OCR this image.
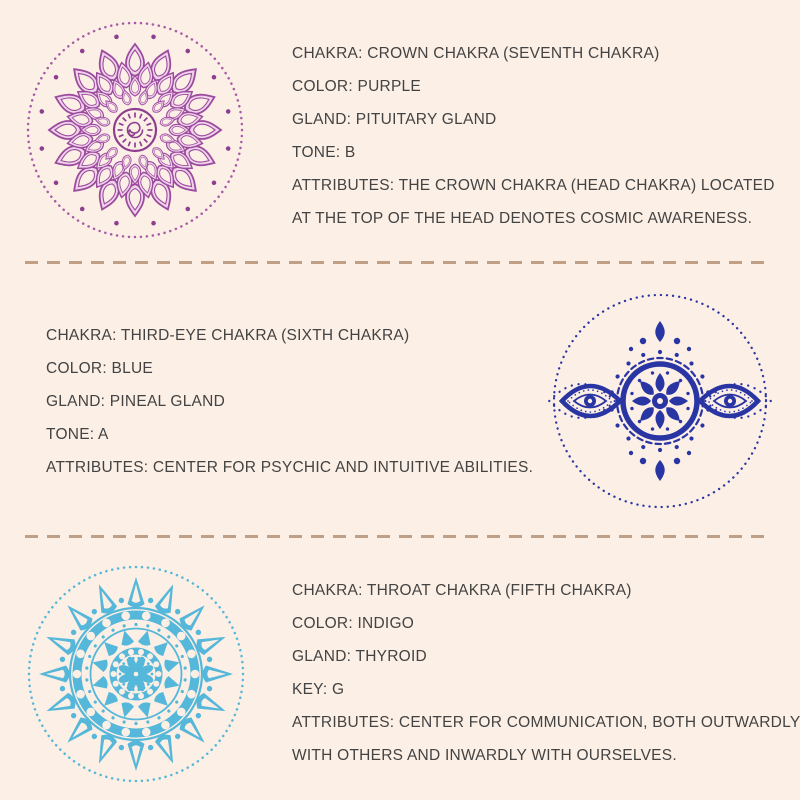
CHAKRA: CROWN CHAKRA (SEVENTH CHAKRA)

COLOR: PURPLE

GLAND: PITUITARY GLAND

TONE: B

ATTRIBUTES: THE CROWN CHAKRA (HEAD CHAKRA) LOCATED

AT THE TOP OF THE HEAD DENOTES COSMIC AWARENESS.

CHAKRA: THIRD-EYE CHAKRA (SIXTH CHAKRA)

COLOR: BLUE

GLAND: PINEAL GLAND

TONE: A

ATTRIBUTES: CENTER FOR PSYCHIC AND INTUITIVE ABILITIES.

CHAKRA: THROAT CHAKRA (FIFTH CHAKRA)

COLOR: INDIGO

GLAND: THYROID

KEY: G

ATTRIBUTES: CENTER FOR COMMUNICATION, BOTH OUTWARDLY

WITH OTHERS AND INWARDLY WITH OURSELVES.
